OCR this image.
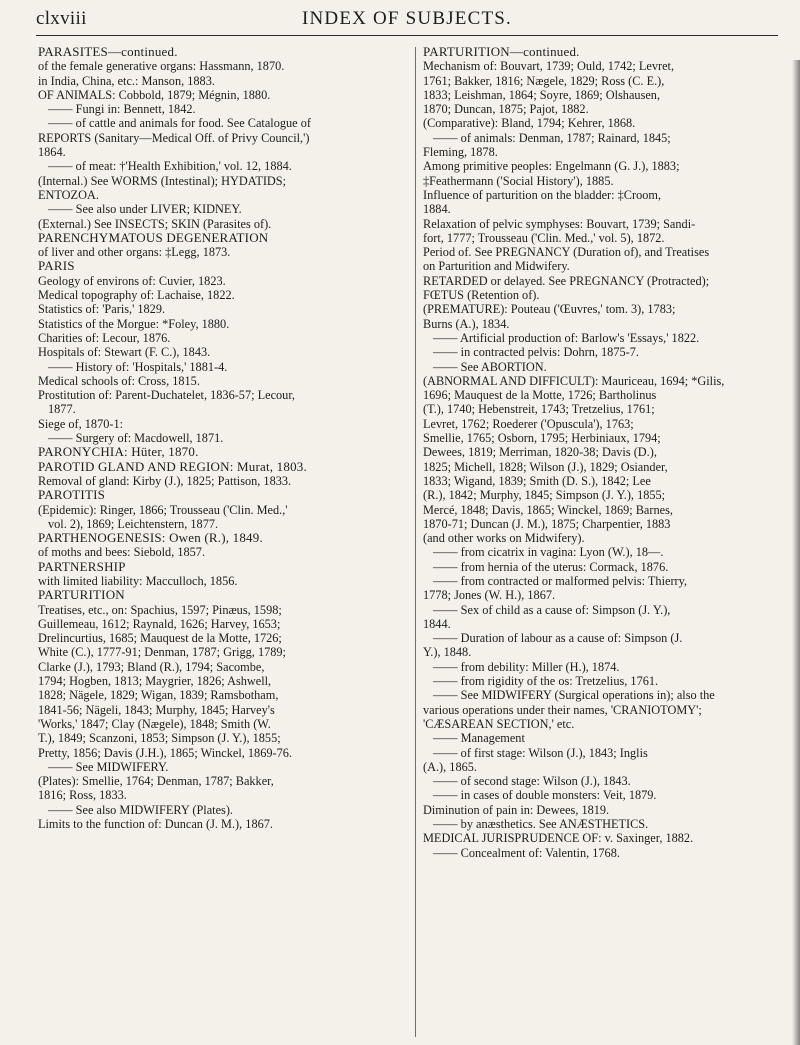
clxviii	INDEX OF SUBJECTS.
PARASITES—continued.
of the female generative organs: Hassmann, 1870.
in India, China, etc.: Manson, 1883.
OF ANIMALS: Cobbold, 1879; Mégnin, 1880.
—— Fungi in: Bennett, 1842.
—— of cattle and animals for food. See Catalogue of
REPORTS (Sanitary—Medical Off. of Privy Council,')
1864.
—— of meat: †'Health Exhibition,' vol. 12, 1884.
(Internal.) See WORMS (Intestinal); HYDATIDS;
ENTOZOA.
—— See also under LIVER; KIDNEY.
(External.) See INSECTS; SKIN (Parasites of).
PARENCHYMATOUS DEGENERATION
of liver and other organs: ‡Legg, 1873.
PARIS
Geology of environs of: Cuvier, 1823.
Medical topography of: Lachaise, 1822.
Statistics of: 'Paris,' 1829.
Statistics of the Morgue: *Foley, 1880.
Charities of: Lecour, 1876.
Hospitals of: Stewart (F. C.), 1843.
—— History of: 'Hospitals,' 1881-4.
Medical schools of: Cross, 1815.
Prostitution of: Parent-Duchatelet, 1836-57; Lecour,
1877.
Siege of, 1870-1:
—— Surgery of: Macdowell, 1871.
PARONYCHIA: Hüter, 1870.
PAROTID GLAND AND REGION: Murat, 1803.
Removal of gland: Kirby (J.), 1825; Pattison, 1833.
PAROTITIS
(Epidemic): Ringer, 1866; Trousseau ('Clin. Med.,'
vol. 2), 1869; Leichtenstern, 1877.
PARTHENOGENESIS: Owen (R.), 1849.
of moths and bees: Siebold, 1857.
PARTNERSHIP
with limited liability: Macculloch, 1856.
PARTURITION
Treatises, etc., on: Spachius, 1597; Pinæus, 1598;
Guillemeau, 1612; Raynald, 1626; Harvey, 1653;
Drelincurtius, 1685; Mauquest de la Motte, 1726;
White (C.), 1777-91; Denman, 1787; Grigg, 1789;
Clarke (J.), 1793; Bland (R.), 1794; Sacombe,
1794; Hogben, 1813; Maygrier, 1826; Ashwell,
1828; Nägele, 1829; Wigan, 1839; Ramsbotham,
1841-56; Nägeli, 1843; Murphy, 1845; Harvey's
'Works,' 1847; Clay (Nægele), 1848; Smith (W.
T.), 1849; Scanzoni, 1853; Simpson (J. Y.), 1855;
Pretty, 1856; Davis (J.H.), 1865; Winckel, 1869-76.
—— See MIDWIFERY.
(Plates): Smellie, 1764; Denman, 1787; Bakker,
1816; Ross, 1833.
—— See also MIDWIFERY (Plates).
Limits to the function of: Duncan (J. M.), 1867.
PARTURITION—continued.
Mechanism of: Bouvart, 1739; Ould, 1742; Levret,
1761; Bakker, 1816; Nægele, 1829; Ross (C. E.),
1833; Leishman, 1864; Soyre, 1869; Olshausen,
1870; Duncan, 1875; Pajot, 1882.
(Comparative): Bland, 1794; Kehrer, 1868.
—— of animals: Denman, 1787; Rainard, 1845;
Fleming, 1878.
Among primitive peoples: Engelmann (G. J.), 1883;
‡Feathermann ('Social History'), 1885.
Influence of parturition on the bladder: ‡Croom,
1884.
Relaxation of pelvic symphyses: Bouvart, 1739; Sandi-
fort, 1777; Trousseau ('Clin. Med.,' vol. 5), 1872.
Period of. See PREGNANCY (Duration of), and Treatises
on Parturition and Midwifery.
RETARDED or delayed. See PREGNANCY (Protracted);
FŒTUS (Retention of).
(PREMATURE): Pouteau ('Œuvres,' tom. 3), 1783;
Burns (A.), 1834.
—— Artificial production of: Barlow's 'Essays,' 1822.
—— in contracted pelvis: Dohrn, 1875-7.
—— See ABORTION.
(ABNORMAL AND DIFFICULT): Mauriceau, 1694; *Gilis,
1696; Mauquest de la Motte, 1726; Bartholinus
(T.), 1740; Hebenstreit, 1743; Tretzelius, 1761;
Levret, 1762; Roederer ('Opuscula'), 1763;
Smellie, 1765; Osborn, 1795; Herbiniaux, 1794;
Dewees, 1819; Merriman, 1820-38; Davis (D.),
1825; Michell, 1828; Wilson (J.), 1829; Osiander,
1833; Wigand, 1839; Smith (D. S.), 1842; Lee
(R.), 1842; Murphy, 1845; Simpson (J. Y.), 1855;
Mercé, 1848; Davis, 1865; Winckel, 1869; Barnes,
1870-71; Duncan (J. M.), 1875; Charpentier, 1883
(and other works on Midwifery).
—— from cicatrix in vagina: Lyon (W.), 18—.
—— from hernia of the uterus: Cormack, 1876.
—— from contracted or malformed pelvis: Thierry,
1778; Jones (W. H.), 1867.
—— Sex of child as a cause of: Simpson (J. Y.),
1844.
—— Duration of labour as a cause of: Simpson (J.
Y.), 1848.
—— from debility: Miller (H.), 1874.
—— from rigidity of the os: Tretzelius, 1761.
—— See MIDWIFERY (Surgical operations in); also the
various operations under their names, 'CRANIOTOMY';
'CÆSAREAN SECTION,' etc.
—— Management
—— of first stage: Wilson (J.), 1843; Inglis
(A.), 1865.
—— of second stage: Wilson (J.), 1843.
—— in cases of double monsters: Veit, 1879.
Diminution of pain in: Dewees, 1819.
—— by anæsthetics. See ANÆSTHETICS.
MEDICAL JURISPRUDENCE OF: v. Saxinger, 1882.
—— Concealment of: Valentin, 1768.
